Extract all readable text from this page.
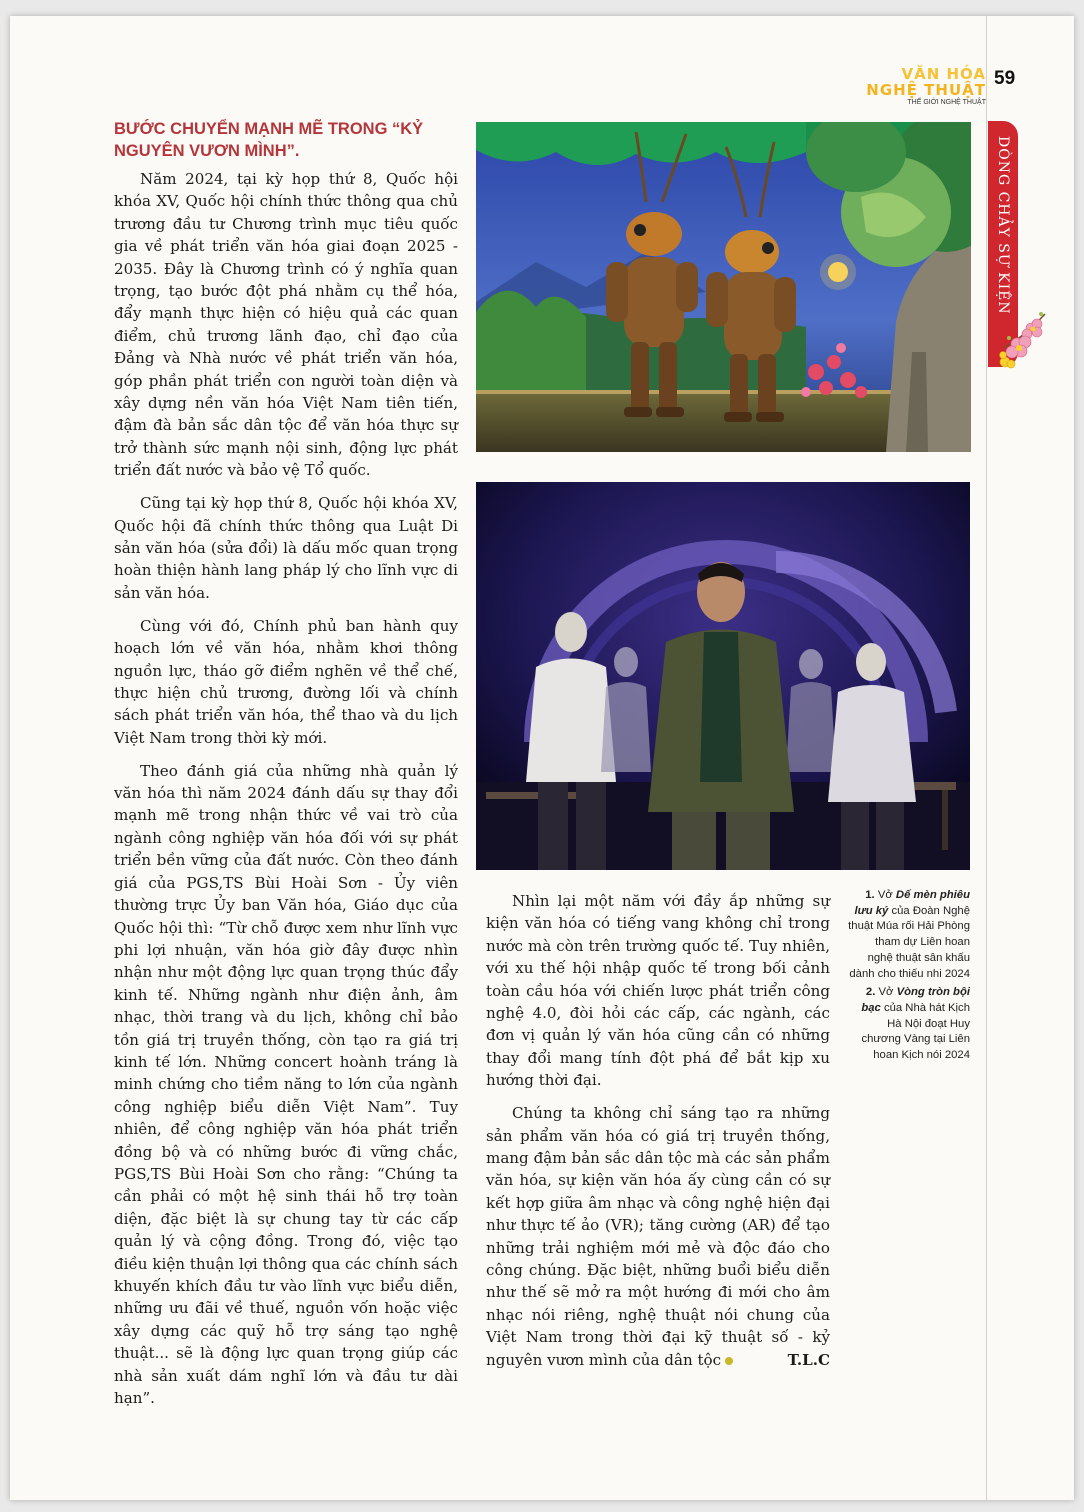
VĂN HÓA
NGHỆ THUẬT
THẾ GIỚI NGHỆ THUẬT
59
DÒNG CHẢY SỰ KIỆN
BƯỚC CHUYỂN MẠNH MẼ TRONG “KỶ NGUYÊN VƯƠN MÌNH”.

Năm 2024, tại kỳ họp thứ 8, Quốc hội khóa XV, Quốc hội chính thức thông qua chủ trương đầu tư Chương trình mục tiêu quốc gia về phát triển văn hóa giai đoạn 2025 - 2035. Đây là Chương trình có ý nghĩa quan trọng, tạo bước đột phá nhằm cụ thể hóa, đẩy mạnh thực hiện có hiệu quả các quan điểm, chủ trương lãnh đạo, chỉ đạo của Đảng và Nhà nước về phát triển văn hóa, góp phần phát triển con người toàn diện và xây dựng nền văn hóa Việt Nam tiên tiến, đậm đà bản sắc dân tộc để văn hóa thực sự trở thành sức mạnh nội sinh, động lực phát triển đất nước và bảo vệ Tổ quốc.

Cũng tại kỳ họp thứ 8, Quốc hội khóa XV, Quốc hội đã chính thức thông qua Luật Di sản văn hóa (sửa đổi) là dấu mốc quan trọng hoàn thiện hành lang pháp lý cho lĩnh vực di sản văn hóa.

Cùng với đó, Chính phủ ban hành quy hoạch lớn về văn hóa, nhằm khơi thông nguồn lực, tháo gỡ điểm nghẽn về thể chế, thực hiện chủ trương, đường lối và chính sách phát triển văn hóa, thể thao và du lịch Việt Nam trong thời kỳ mới.

Theo đánh giá của những nhà quản lý văn hóa thì năm 2024 đánh dấu sự thay đổi mạnh mẽ trong nhận thức về vai trò của ngành công nghiệp văn hóa đối với sự phát triển bền vững của đất nước. Còn theo đánh giá của PGS,TS Bùi Hoài Sơn - Ủy viên thường trực Ủy ban Văn hóa, Giáo dục của Quốc hội thì: “Từ chỗ được xem như lĩnh vực phi lợi nhuận, văn hóa giờ đây được nhìn nhận như một động lực quan trọng thúc đẩy kinh tế. Những ngành như điện ảnh, âm nhạc, thời trang và du lịch, không chỉ bảo tồn giá trị truyền thống, còn tạo ra giá trị kinh tế lớn. Những concert hoành tráng là minh chứng cho tiềm năng to lớn của ngành công nghiệp biểu diễn Việt Nam”. Tuy nhiên, để công nghiệp văn hóa phát triển đồng bộ và có những bước đi vững chắc, PGS,TS Bùi Hoài Sơn cho rằng: “Chúng ta cần phải có một hệ sinh thái hỗ trợ toàn diện, đặc biệt là sự chung tay từ các cấp quản lý và cộng đồng. Trong đó, việc tạo điều kiện thuận lợi thông qua các chính sách khuyến khích đầu tư vào lĩnh vực biểu diễn, những ưu đãi về thuế, nguồn vốn hoặc việc xây dựng các quỹ hỗ trợ sáng tạo nghệ thuật... sẽ là động lực quan trọng giúp các nhà sản xuất dám nghĩ lớn và đầu tư dài hạn”.

Nhìn lại một năm với đầy ắp những sự kiện văn hóa có tiếng vang không chỉ trong nước mà còn trên trường quốc tế. Tuy nhiên, với xu thế hội nhập quốc tế trong bối cảnh toàn cầu hóa với chiến lược phát triển công nghệ 4.0, đòi hỏi các cấp, các ngành, các đơn vị quản lý văn hóa cũng cần có những thay đổi mang tính đột phá để bắt kịp xu hướng thời đại.

Chúng ta không chỉ sáng tạo ra những sản phẩm văn hóa có giá trị truyền thống, mang đậm bản sắc dân tộc mà các sản phẩm văn hóa, sự kiện văn hóa ấy cùng cần có sự kết hợp giữa âm nhạc và công nghệ hiện đại như thực tế ảo (VR); tăng cường (AR) để tạo những trải nghiệm mới mẻ và độc đáo cho công chúng. Đặc biệt, những buổi biểu diễn như thế sẽ mở ra một hướng đi mới cho âm nhạc nói riêng, nghệ thuật nói chung của Việt Nam trong thời đại kỹ thuật số - kỷ nguyên vươn mình của dân tộc	T.L.C

1. Vở Dế mèn phiêu lưu ký của Đoàn Nghệ thuật Múa rối Hải Phòng tham dự Liên hoan nghệ thuật sân khấu dành cho thiếu nhi 2024
2. Vở Vòng tròn bội bạc của Nhà hát Kịch Hà Nội đoạt Huy chương Vàng tại Liên hoan Kịch nói 2024
